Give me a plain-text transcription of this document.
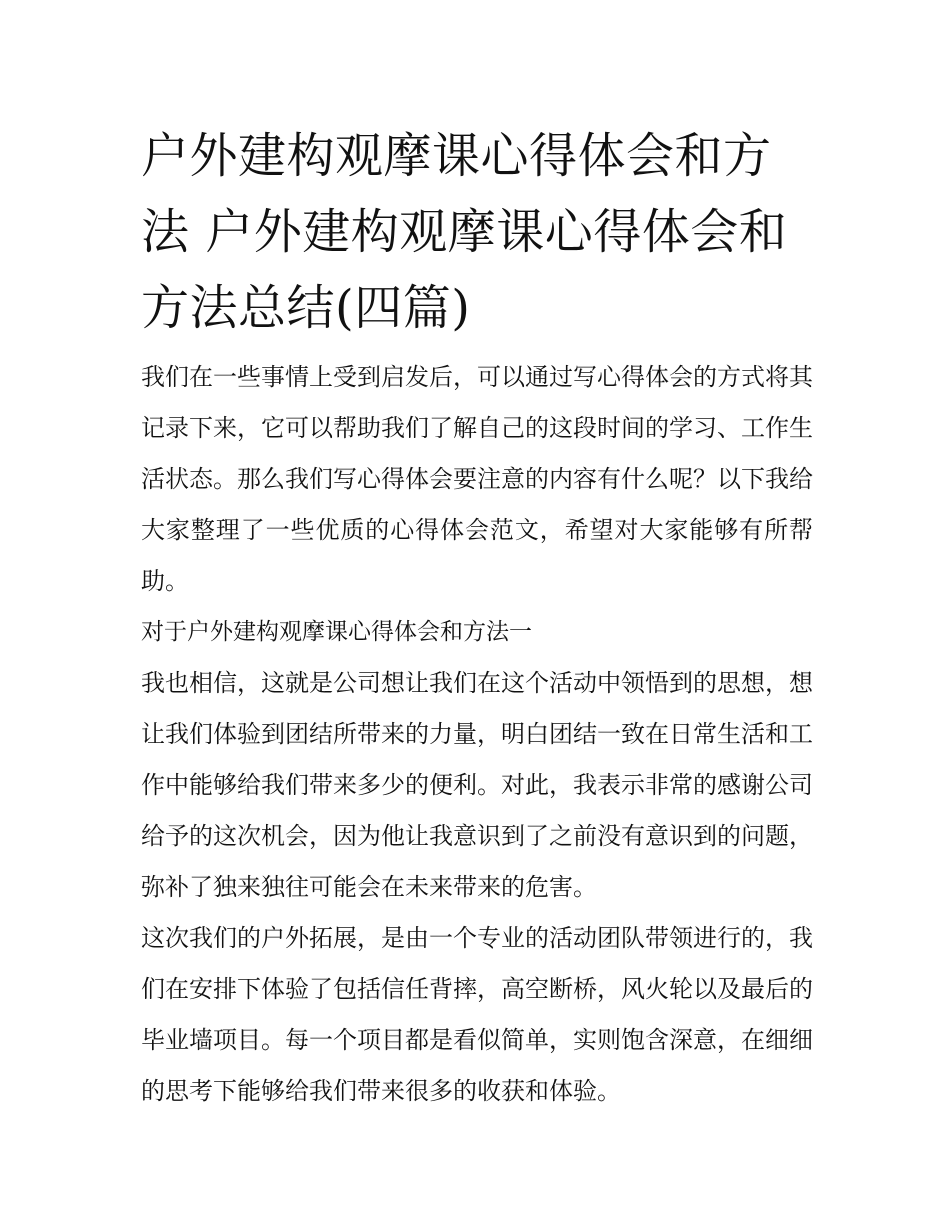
户外建构观摩课心得体会和方法 户外建构观摩课心得体会和方法总结(四篇)

我们在一些事情上受到启发后，可以通过写心得体会的方式将其记录下来，它可以帮助我们了解自己的这段时间的学习、工作生活状态。那么我们写心得体会要注意的内容有什么呢？以下我给大家整理了一些优质的心得体会范文，希望对大家能够有所帮助。

对于户外建构观摩课心得体会和方法一

我也相信，这就是公司想让我们在这个活动中领悟到的思想，想让我们体验到团结所带来的力量，明白团结一致在日常生活和工作中能够给我们带来多少的便利。对此，我表示非常的感谢公司给予的这次机会，因为他让我意识到了之前没有意识到的问题，弥补了独来独往可能会在未来带来的危害。

这次我们的户外拓展，是由一个专业的活动团队带领进行的，我们在安排下体验了包括信任背摔，高空断桥，风火轮以及最后的毕业墙项目。每一个项目都是看似简单，实则饱含深意，在细细的思考下能够给我们带来很多的收获和体验。
